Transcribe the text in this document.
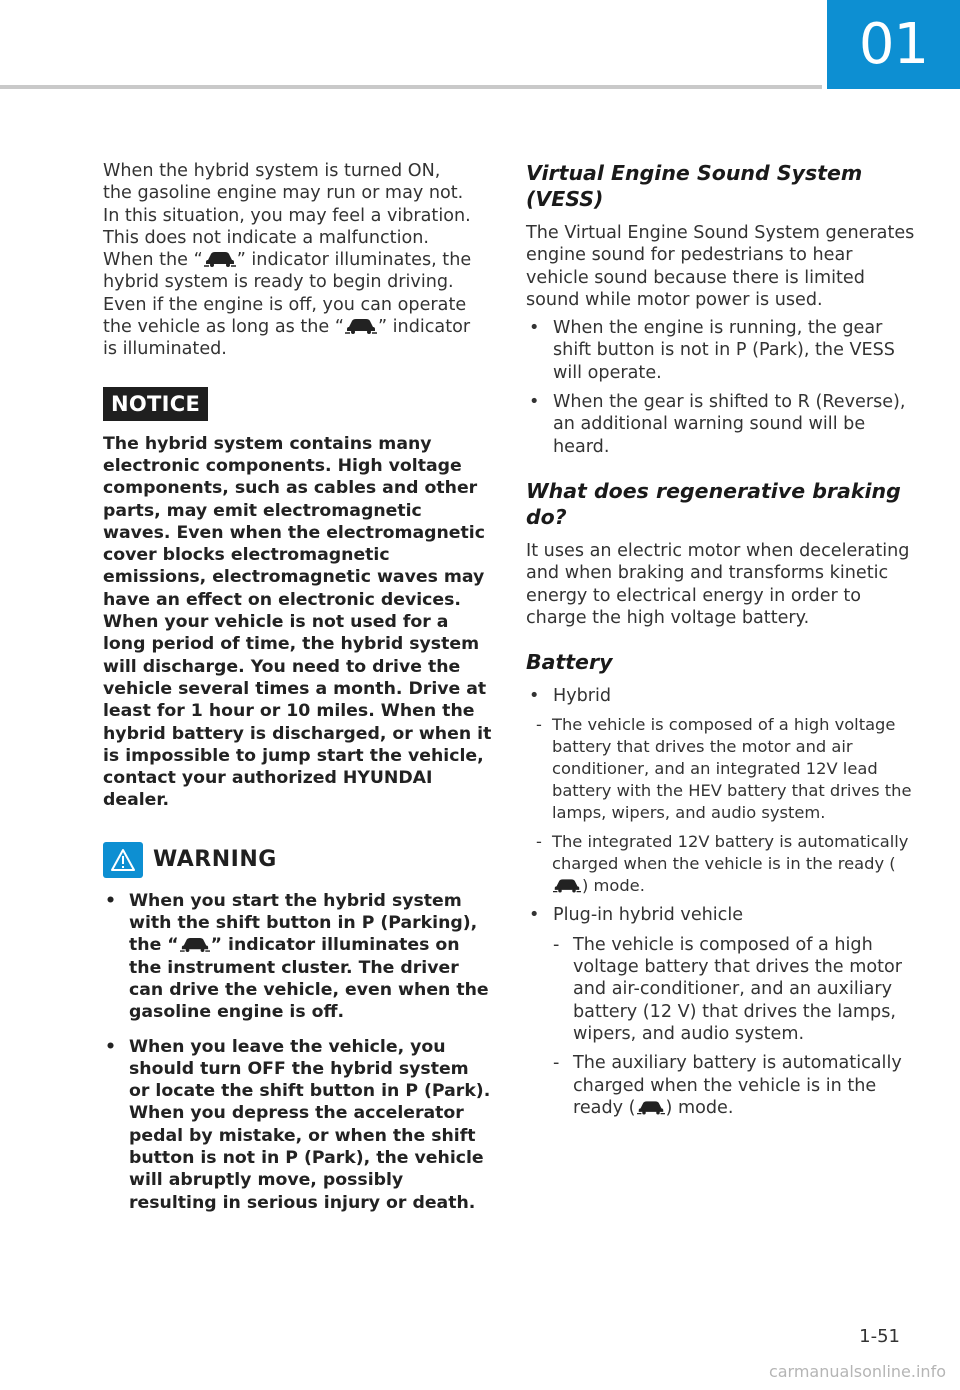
01

When the hybrid system is turned ON,
the gasoline engine may run or may not.
In this situation, you may feel a vibration.
This does not indicate a malfunction.
When the “ ” indicator illuminates, the
hybrid system is ready to begin driving.
Even if the engine is off, you can operate
the vehicle as long as the “ ” indicator
is illuminated.

NOTICE

The hybrid system contains many electronic components. High voltage components, such as cables and other parts, may emit electromagnetic waves. Even when the electromagnetic cover blocks electromagnetic emissions, electromagnetic waves may have an effect on electronic devices. When your vehicle is not used for a long period of time, the hybrid system will discharge. You need to drive the vehicle several times a month. Drive at least for 1 hour or 10 miles. When the hybrid battery is discharged, or when it is impossible to jump start the vehicle, contact your authorized HYUNDAI dealer.

WARNING
• When you start the hybrid system with the shift button in P (Parking), the “ ” indicator illuminates on the instrument cluster. The driver can drive the vehicle, even when the gasoline engine is off.
• When you leave the vehicle, you should turn OFF the hybrid system or locate the shift button in P (Park). When you depress the accelerator pedal by mistake, or when the shift button is not in P (Park), the vehicle will abruptly move, possibly resulting in serious injury or death.
Virtual Engine Sound System (VESS)

The Virtual Engine Sound System generates engine sound for pedestrians to hear vehicle sound because there is limited sound while motor power is used.

• When the engine is running, the gear shift button is not in P (Park), the VESS will operate.
• When the gear is shifted to R (Reverse), an additional warning sound will be heard.
What does regenerative braking do?

It uses an electric motor when decelerating and when braking and transforms kinetic energy to electrical energy in order to charge the high voltage battery.

Battery
• Hybrid
- The vehicle is composed of a high voltage battery that drives the motor and air conditioner, and an integrated 12V lead battery with the HEV battery that drives the lamps, wipers, and audio system.
- The integrated 12V battery is automatically charged when the vehicle is in the ready () mode.
• Plug-in hybrid vehicle
- The vehicle is composed of a high voltage battery that drives the motor and air-conditioner, and an auxiliary battery (12 V) that drives the lamps, wipers, and audio system.
- The auxiliary battery is automatically charged when the vehicle is in the ready ( ) mode.
1-51
carmanualsonline.info
